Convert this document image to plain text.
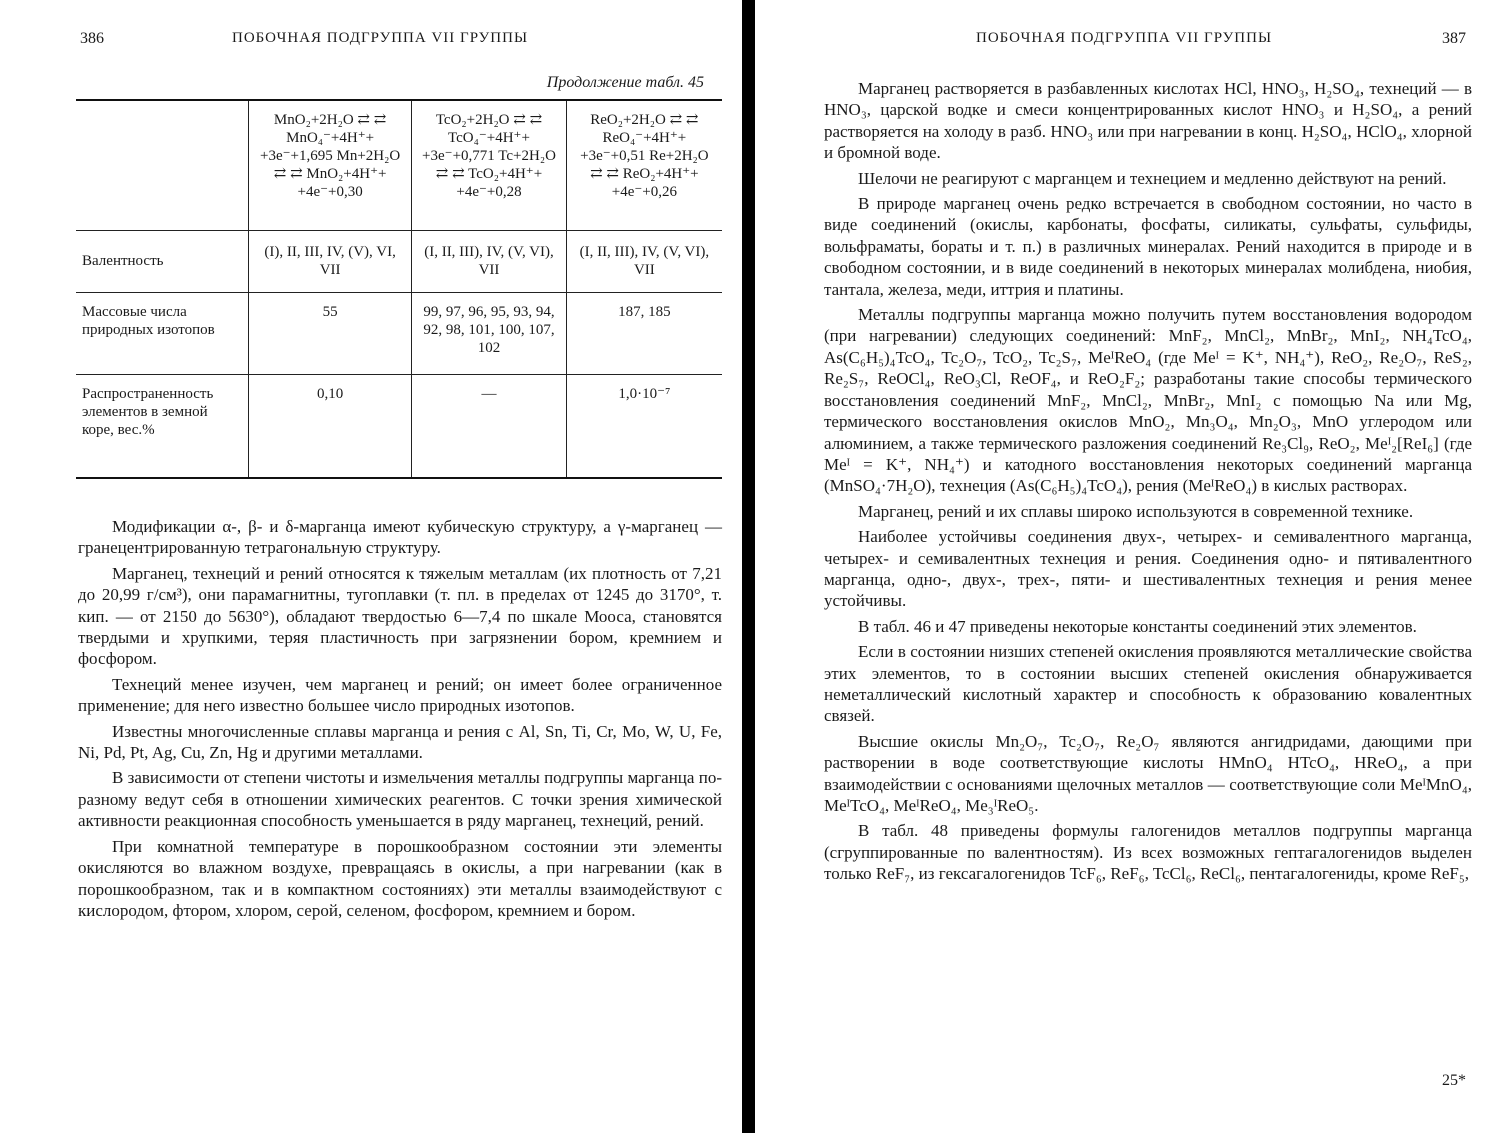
386	ПОБОЧНАЯ ПОДГРУППА VII ГРУППЫ
Продолжение табл. 45
	MnO₂+2H₂O ⇄ ⇄ MnO₄⁻+4H⁺+ +3e⁻+1,695 Mn+2H₂O ⇄ ⇄ MnO₂+4H⁺+ +4e⁻+0,30	TcO₂+2H₂O ⇄ ⇄ TcO₄⁻+4H⁺+ +3e⁻+0,771 Tc+2H₂O ⇄ ⇄ TcO₂+4H⁺+ +4e⁻+0,28	ReO₂+2H₂O ⇄ ⇄ ReO₄⁻+4H⁺+ +3e⁻+0,51 Re+2H₂O ⇄ ⇄ ReO₂+4H⁺+ +4e⁻+0,26
Валентность	(I), II, III, IV, (V), VI, VII	(I, II, III), IV, (V, VI), VII	(I, II, III), IV, (V, VI), VII
Массовые числа природных изотопов	55	99, 97, 96, 95, 93, 94, 92, 98, 101, 100, 107, 102	187, 185
Распространенность элементов в земной коре, вес.%	0,10	—	1,0·10⁻⁷

Модификации α-, β- и δ-марганца имеют кубическую структуру, а γ-марганец — гранецентрированную тетрагональную структуру.

Марганец, технеций и рений относятся к тяжелым металлам (их плотность от 7,21 до 20,99 г/см³), они парамагнитны, тугоплавки (т. пл. в пределах от 1245 до 3170°, т. кип. — от 2150 до 5630°), обладают твердостью 6—7,4 по шкале Мооса, становятся твердыми и хрупкими, теряя пластичность при загрязнении бором, кремнием и фосфором.

Технеций менее изучен, чем марганец и рений; он имеет более ограниченное применение; для него известно большее число природных изотопов.

Известны многочисленные сплавы марганца и рения с Al, Sn, Ti, Cr, Mo, W, U, Fe, Ni, Pd, Pt, Ag, Cu, Zn, Hg и другими металлами.

В зависимости от степени чистоты и измельчения металлы подгруппы марганца по-разному ведут себя в отношении химических реагентов. С точки зрения химической активности реакционная способность уменьшается в ряду марганец, технеций, рений.

При комнатной температуре в порошкообразном состоянии эти элементы окисляются во влажном воздухе, превращаясь в окислы, а при нагревании (как в порошкообразном, так и в компактном состояниях) эти металлы взаимодействуют с кислородом, фтором, хлором, серой, селеном, фосфором, кремнием и бором.

ПОБОЧНАЯ ПОДГРУППА VII ГРУППЫ	387

Марганец растворяется в разбавленных кислотах HCl, HNO₃, H₂SO₄, технеций — в HNO₃, царской водке и смеси концентрированных кислот HNO₃ и H₂SO₄, а рений растворяется на холоду в разб. HNO₃ или при нагревании в конц. H₂SO₄, HClO₄, хлорной и бромной воде.

Шелочи не реагируют с марганцем и технецием и медленно действуют на рений.

В природе марганец очень редко встречается в свободном состоянии, но часто в виде соединений (окислы, карбонаты, фосфаты, силикаты, сульфаты, сульфиды, вольфраматы, бораты и т. п.) в различных минералах. Рений находится в природе и в свободном состоянии, и в виде соединений в некоторых минералах молибдена, ниобия, тантала, железа, меди, иттрия и платины.

Металлы подгруппы марганца можно получить путем восстановления водородом (при нагревании) следующих соединений: MnF₂, MnCl₂, MnBr₂, MnI₂, NH₄TcO₄, As(C₆H₅)₄TcO₄, Tc₂O₇, TcO₂, Tc₂S₇, MeᴵReO₄ (где Meᴵ = K⁺, NH₄⁺), ReO₂, Re₂O₇, ReS₂, Re₂S₇, ReOCl₄, ReO₃Cl, ReOF₄, и ReO₂F₂; разработаны такие способы термического восстановления соединений MnF₂, MnCl₂, MnBr₂, MnI₂ с помощью Na или Mg, термического восстановления окислов MnO₂, Mn₃O₄, Mn₂O₃, MnO углеродом или алюминием, а также термического разложения соединений Re₃Cl₉, ReO₂, Meᴵ₂[ReI₆] (где Meᴵ = K⁺, NH₄⁺) и катодного восстановления некоторых соединений марганца (MnSO₄·7H₂O), технеция (As(C₆H₅)₄TcO₄), рения (MeᴵReO₄) в кислых растворах.

Марганец, рений и их сплавы широко используются в современной технике.

Наиболее устойчивы соединения двух-, четырех- и семивалентного марганца, четырех- и семивалентных технеция и рения. Соединения одно- и пятивалентного марганца, одно-, двух-, трех-, пяти- и шестивалентных технеция и рения менее устойчивы.

В табл. 46 и 47 приведены некоторые константы соединений этих элементов.

Если в состоянии низших степеней окисления проявляются металлические свойства этих элементов, то в состоянии высших степеней окисления обнаруживается неметаллический кислотный характер и способность к образованию ковалентных связей.

Высшие окислы Mn₂O₇, Tc₂O₇, Re₂O₇ являются ангидридами, дающими при растворении в воде соответствующие кислоты HMnO₄ HTcO₄, HReO₄, а при взаимодействии с основаниями щелочных металлов — соответствующие соли MeᴵMnO₄, MeᴵTcO₄, MeᴵReO₄, Me₃ᴵReO₅.

В табл. 48 приведены формулы галогенидов металлов подгруппы марганца (сгруппированные по валентностям). Из всех возможных гептагалогенидов выделен только ReF₇, из гексагалогенидов TcF₆, ReF₆, TcCl₆, ReCl₆, пентагалогениды, кроме ReF₅,

25*
